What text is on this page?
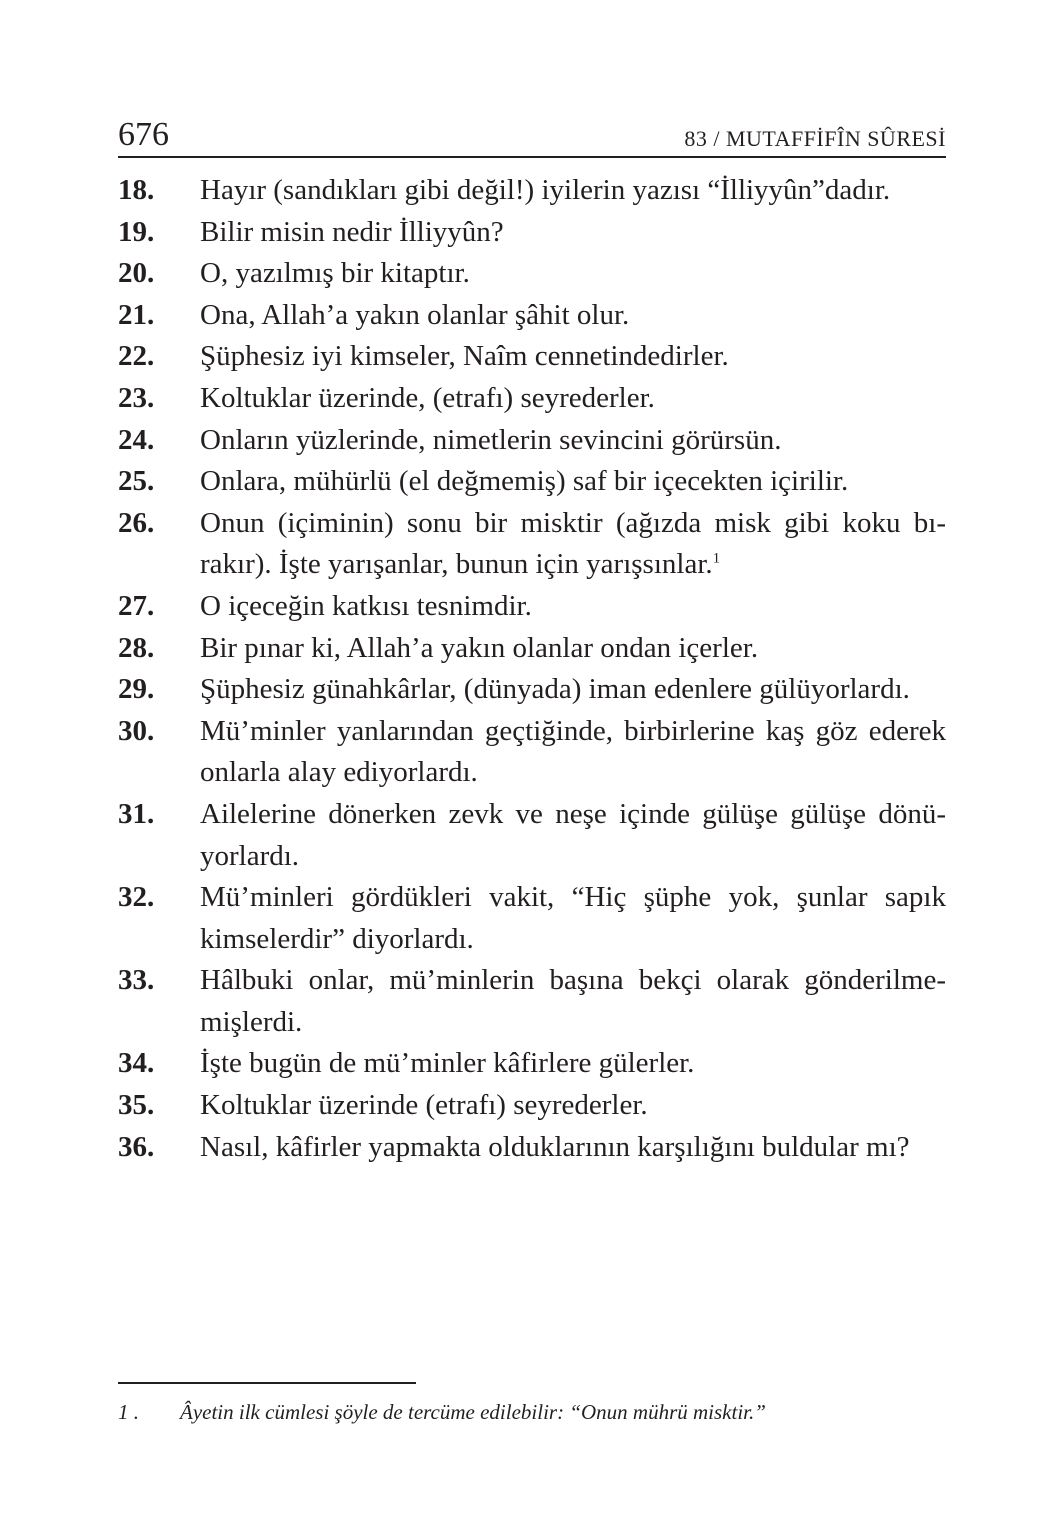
676	83 / MUTAFFİFÎN SÛRESİ
18.	Hayır (sandıkları gibi değil!) iyilerin yazısı “İlliyyûn”dadır.
19.	Bilir misin nedir İlliyyûn?
20.	O, yazılmış bir kitaptır.
21.	Ona, Allah’a yakın olanlar şâhit olur.
22.	Şüphesiz iyi kimseler, Naîm cennetindedirler.
23.	Koltuklar üzerinde, (etrafı) seyrederler.
24.	Onların yüzlerinde, nimetlerin sevincini görürsün.
25.	Onlara, mühürlü (el değmemiş) saf bir içecekten içirilir.
26.	Onun (içiminin) sonu bir misktir (ağızda misk gibi koku bırakır). İşte yarışanlar, bunun için yarışsınlar.$^1$
27.	O içeceğin katkısı tesnimdir.
28.	Bir pınar ki, Allah’a yakın olanlar ondan içerler.
29.	Şüphesiz günahkârlar, (dünyada) iman edenlere gülüyorlardı.
30.	Mü’minler yanlarından geçtiğinde, birbirlerine kaş göz ederek onlarla alay ediyorlardı.
31.	Ailelerine dönerken zevk ve neşe içinde gülüşe gülüşe dönüyorlardı.
32.	Mü’minleri gördükleri vakit, “Hiç şüphe yok, şunlar sapık kimselerdir” diyorlardı.
33.	Hâlbuki onlar, mü’minlerin başına bekçi olarak gönderilmemişlerdi.
34.	İşte bugün de mü’minler kâfirlere gülerler.
35.	Koltuklar üzerinde (etrafı) seyrederler.
36.	Nasıl, kâfirler yapmakta olduklarının karşılığını buldular mı?
1 .	Âyetin ilk cümlesi şöyle de tercüme edilebilir: “Onun mührü misktir.”
